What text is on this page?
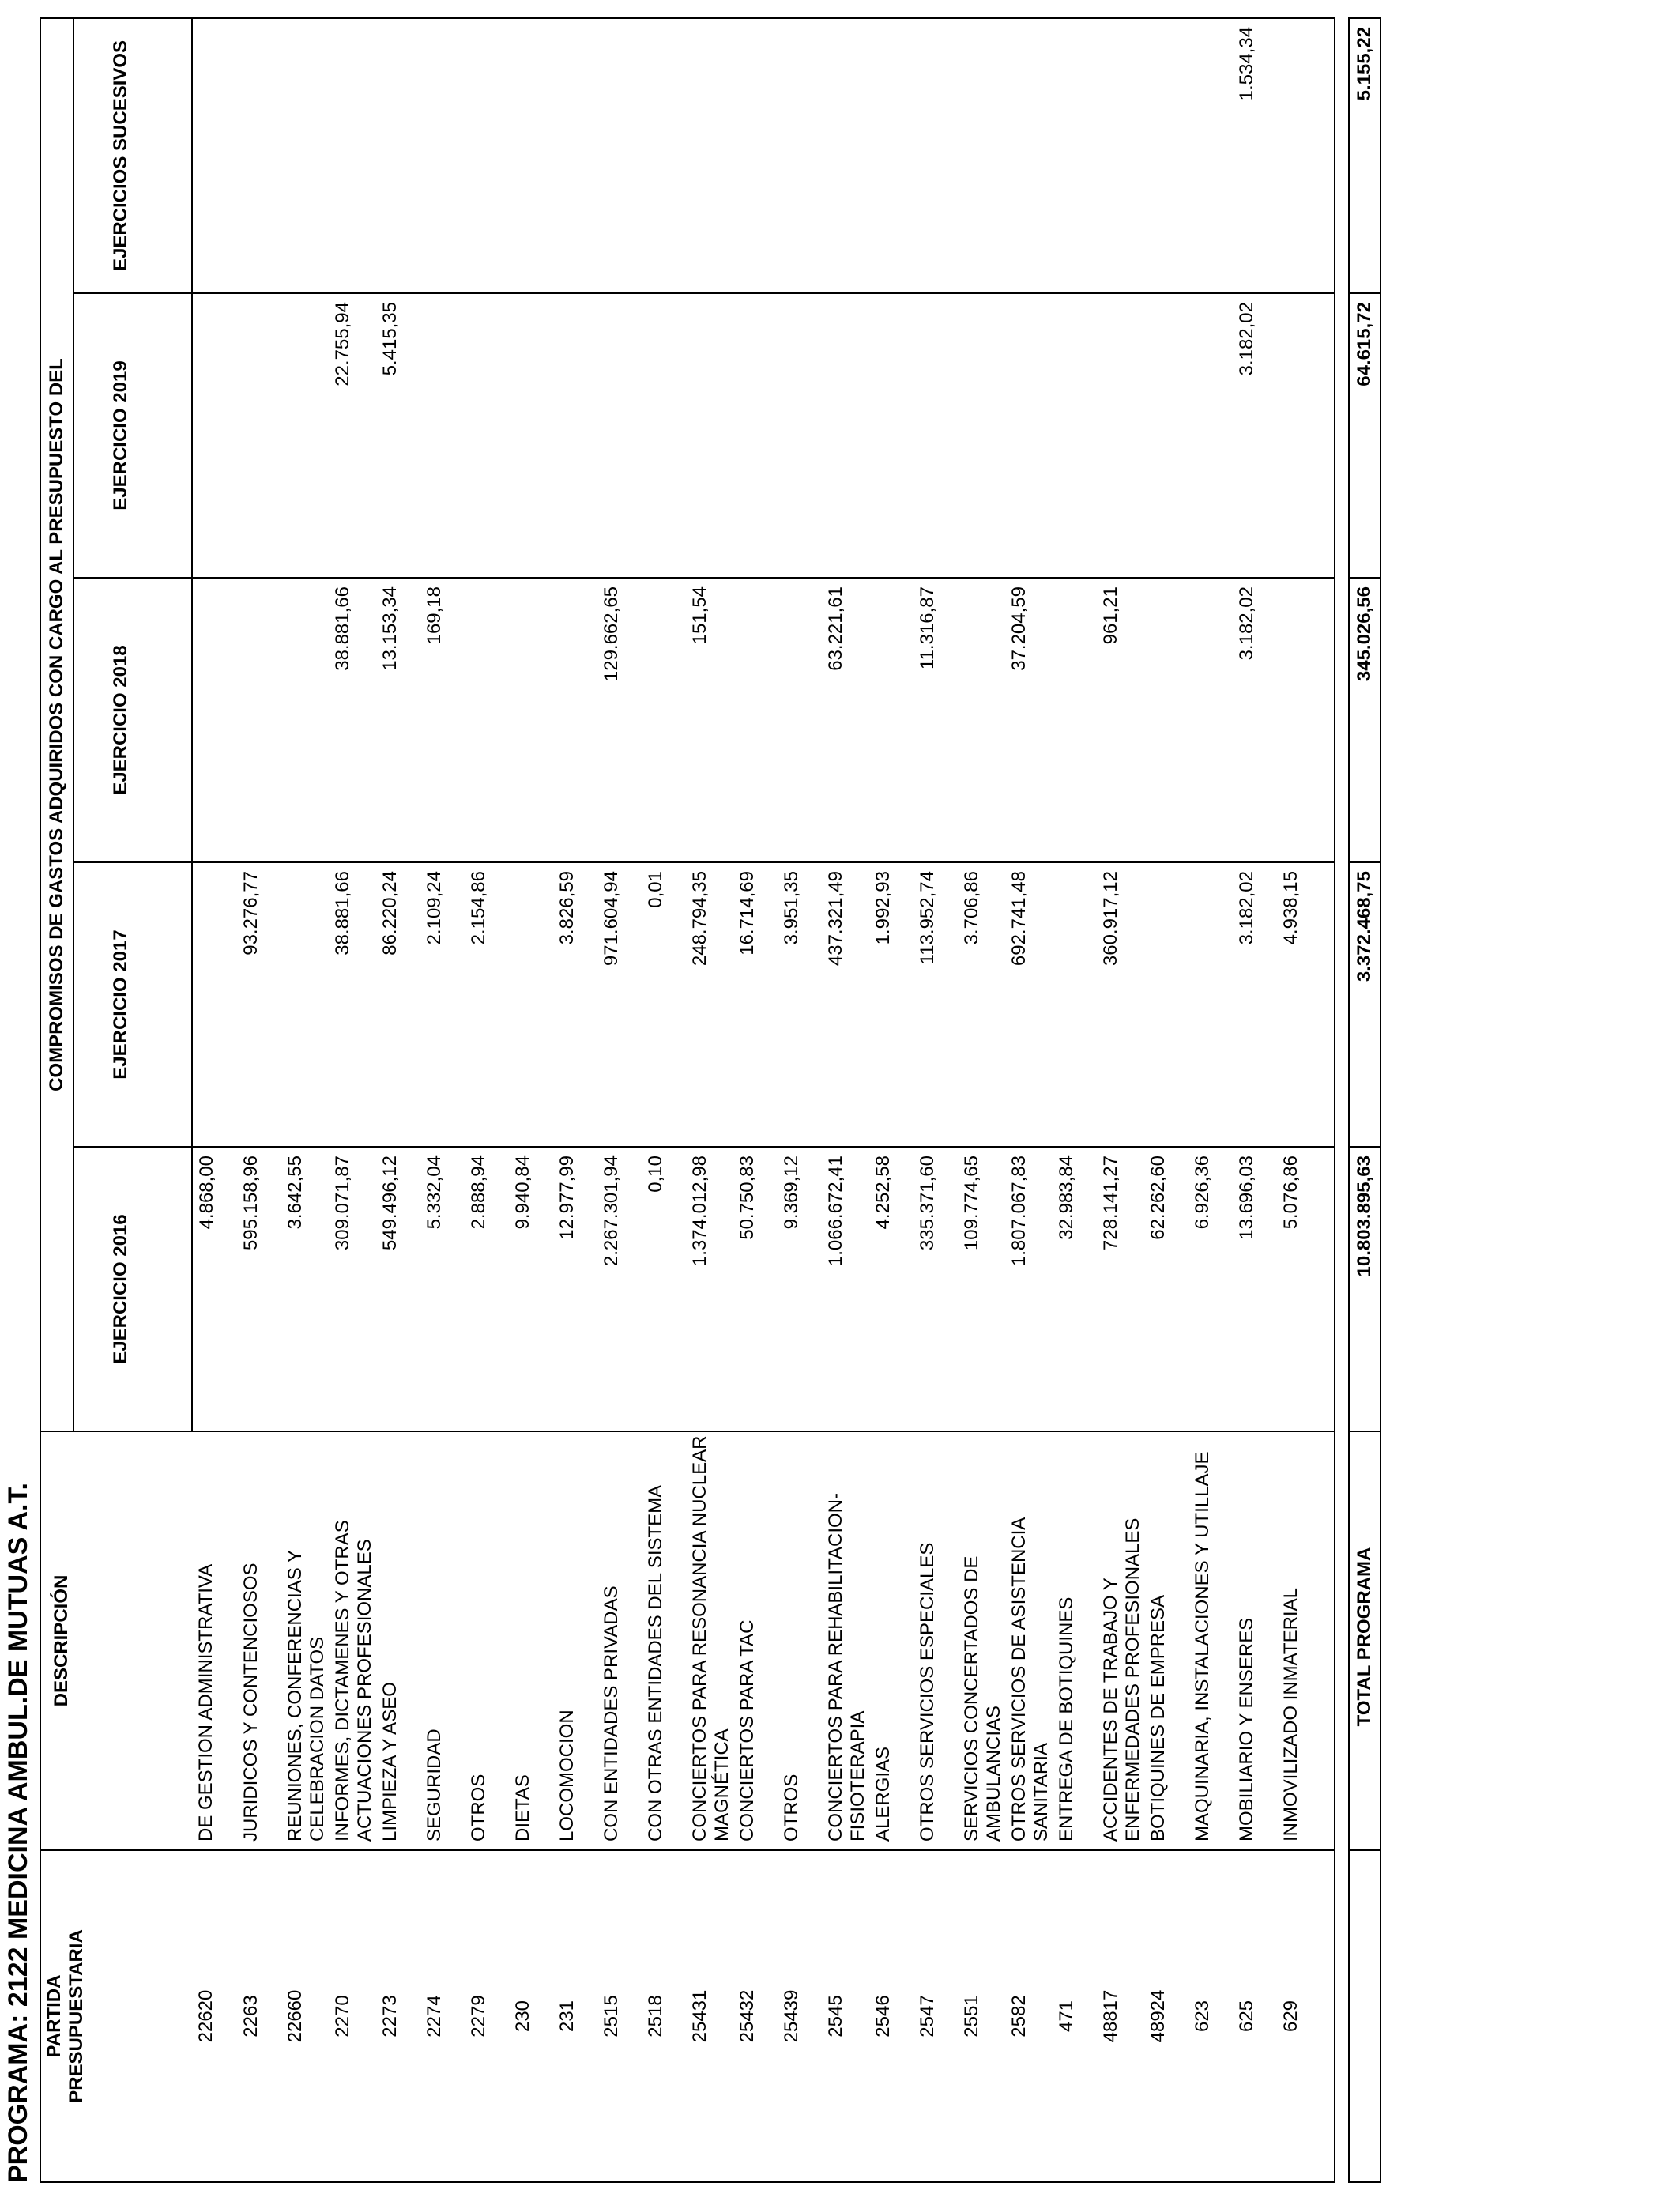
PROGRAMA: 2122 MEDICINA AMBUL.DE MUTUAS A.T. PARTIDA PRESUPUESTARIA	DESCRIPCIÓN	COMPROMISOS DE GASTOS ADQUIRIDOS CON CARGO AL PRESUPUESTO DEL				
		EJERCICIO 2016	EJERCICIO 2017	EJERCICIO 2018	EJERCICIO 2019	EJERCICIOS SUCESIVOS
22620	DE GESTION ADMINISTRATIVA	4.868,00				
2263	JURIDICOS Y CONTENCIOSOS	595.158,96	93.276,77			
22660	REUNIONES, CONFERENCIAS Y CELEBRACION DATOS	3.642,55				
2270	INFORMES, DICTAMENES Y OTRAS ACTUACIONES PROFESIONALES	309.071,87	38.881,66	38.881,66	22.755,94	
2273	LIMPIEZA Y ASEO	549.496,12	86.220,24	13.153,34	5.415,35	
2274	SEGURIDAD	5.332,04	2.109,24	169,18		
2279	OTROS	2.888,94	2.154,86			
230	DIETAS	9.940,84				
231	LOCOMOCION	12.977,99	3.826,59			
2515	CON ENTIDADES PRIVADAS	2.267.301,94	971.604,94	129.662,65		
2518	CON OTRAS ENTIDADES DEL SISTEMA	0,10	0,01			
25431	CONCIERTOS PARA RESONANCIA NUCLEAR MAGNÉTICA	1.374.012,98	248.794,35	151,54		
25432	CONCIERTOS PARA TAC	50.750,83	16.714,69			
25439	OTROS	9.369,12	3.951,35			
2545	CONCIERTOS PARA REHABILITACION-FISIOTERAPIA	1.066.672,41	437.321,49	63.221,61		
2546	ALERGIAS	4.252,58	1.992,93			
2547	OTROS SERVICIOS ESPECIALES	335.371,60	113.952,74	11.316,87		
2551	SERVICIOS CONCERTADOS DE AMBULANCIAS	109.774,65	3.706,86			
2582	OTROS SERVICIOS DE ASISTENCIA SANITARIA	1.807.067,83	692.741,48	37.204,59		
471	ENTREGA DE BOTIQUINES	32.983,84				
48817	ACCIDENTES DE TRABAJO Y ENFERMEDADES PROFESIONALES	728.141,27	360.917,12	961,21		
48924	BOTIQUINES DE EMPRESA	62.262,60				
623	MAQUINARIA, INSTALACIONES Y UTILLAJE	6.926,36				
625	MOBILIARIO Y ENSERES	13.696,03	3.182,02	3.182,02	3.182,02	1.534,34
629	INMOVILIZADO INMATERIAL	5.076,86	4.938,15			

	TOTAL PROGRAMA	10.803.895,63	3.372.468,75	345.026,56	64.615,72	5.155,22
